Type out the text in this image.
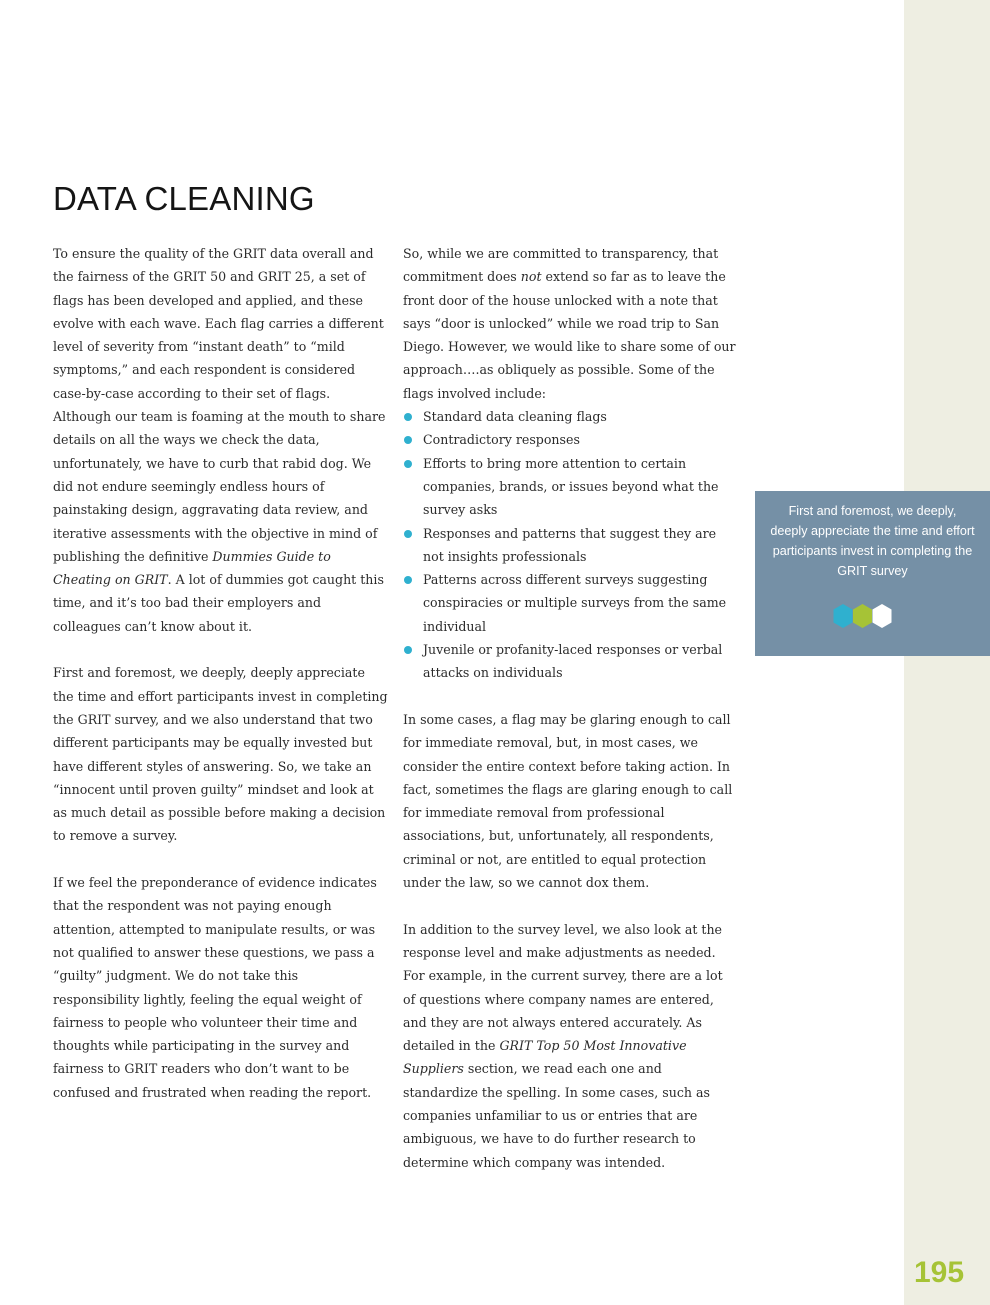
DATA CLEANING

To ensure the quality of the GRIT data overall and the fairness of the GRIT 50 and GRIT 25, a set of flags has been developed and applied, and these evolve with each wave. Each flag carries a different level of severity from “instant death” to “mild symptoms,” and each respondent is considered case-by-case according to their set of flags. Although our team is foaming at the mouth to share details on all the ways we check the data, unfortunately, we have to curb that rabid dog. We did not endure seemingly endless hours of painstaking design, aggravating data review, and iterative assessments with the objective in mind of publishing the definitive Dummies Guide to Cheating on GRIT. A lot of dummies got caught this time, and it’s too bad their employers and colleagues can’t know about it.

First and foremost, we deeply, deeply appreciate the time and effort participants invest in completing the GRIT survey, and we also understand that two different participants may be equally invested but have different styles of answering. So, we take an “innocent until proven guilty” mindset and look at as much detail as possible before making a decision to remove a survey.

If we feel the preponderance of evidence indicates that the respondent was not paying enough attention, attempted to manipulate results, or was not qualified to answer these questions, we pass a “guilty” judgment. We do not take this responsibility lightly, feeling the equal weight of fairness to people who volunteer their time and thoughts while participating in the survey and fairness to GRIT readers who don’t want to be confused and frustrated when reading the report.

So, while we are committed to transparency, that commitment does not extend so far as to leave the front door of the house unlocked with a note that says “door is unlocked” while we road trip to San Diego. However, we would like to share some of our approach….as obliquely as possible. Some of the flags involved include:

Standard data cleaning flags
Contradictory responses
Efforts to bring more attention to certain companies, brands, or issues beyond what the survey asks
Responses and patterns that suggest they are not insights professionals
Patterns across different surveys suggesting conspiracies or multiple surveys from the same individual
Juvenile or profanity-laced responses or verbal attacks on individuals

In some cases, a flag may be glaring enough to call for immediate removal, but, in most cases, we consider the entire context before taking action. In fact, sometimes the flags are glaring enough to call for immediate removal from professional associations, but, unfortunately, all respondents, criminal or not, are entitled to equal protection under the law, so we cannot dox them.

In addition to the survey level, we also look at the response level and make adjustments as needed. For example, in the current survey, there are a lot of questions where company names are entered, and they are not always entered accurately. As detailed in the GRIT Top 50 Most Innovative Suppliers section, we read each one and standardize the spelling. In some cases, such as companies unfamiliar to us or entries that are ambiguous, we have to do further research to determine which company was intended.

First and foremost, we deeply, deeply appreciate the time and effort participants invest in completing the GRIT survey
195
